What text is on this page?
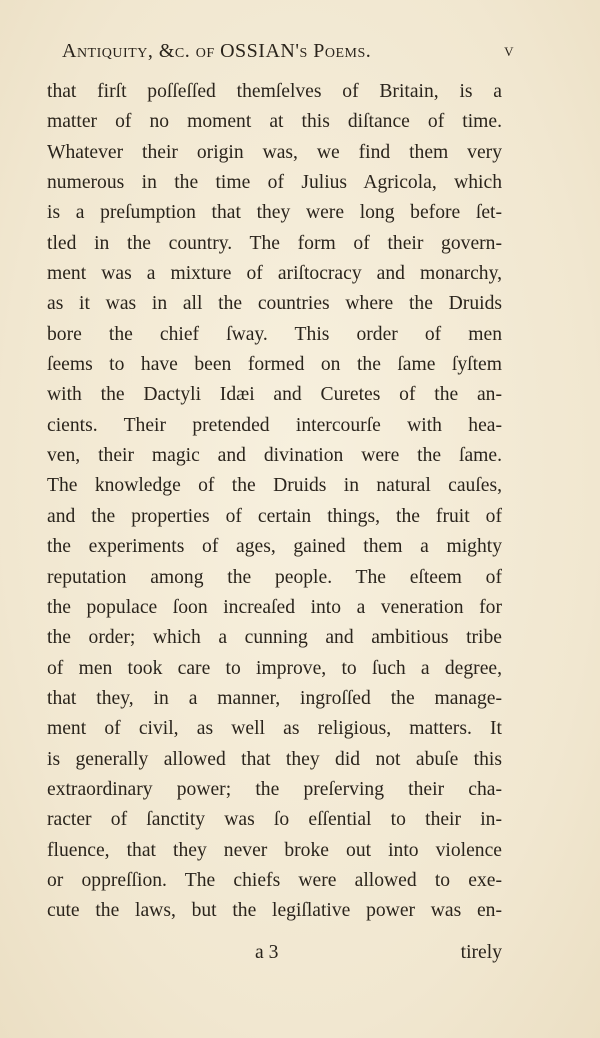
Antiquity, &c. of OSSIAN's Poems.	v
that firſt poſſeſſed themſelves of Britain, is a
matter of no moment at this diſtance of time.
Whatever their origin was, we find them very
numerous in the time of Julius Agricola, which
is a preſumption that they were long before ſet-
tled in the country. The form of their govern-
ment was a mixture of ariſtocracy and monarchy,
as it was in all the countries where the Druids
bore the chief ſway. This order of men
ſeems to have been formed on the ſame ſyſtem
with the Dactyli Idæi and Curetes of the an-
cients. Their pretended intercourſe with hea-
ven, their magic and divination were the ſame.
The knowledge of the Druids in natural cauſes,
and the properties of certain things, the fruit of
the experiments of ages, gained them a mighty
reputation among the people. The eſteem of
the populace ſoon increaſed into a veneration for
the order; which a cunning and ambitious tribe
of men took care to improve, to ſuch a degree,
that they, in a manner, ingroſſed the manage-
ment of civil, as well as religious, matters. It
is generally allowed that they did not abuſe this
extraordinary power; the preſerving their cha-
racter of ſanctity was ſo eſſential to their in-
fluence, that they never broke out into violence
or oppreſſion. The chiefs were allowed to exe-
cute the laws, but the legiſlative power was en-
a 3	tirely
